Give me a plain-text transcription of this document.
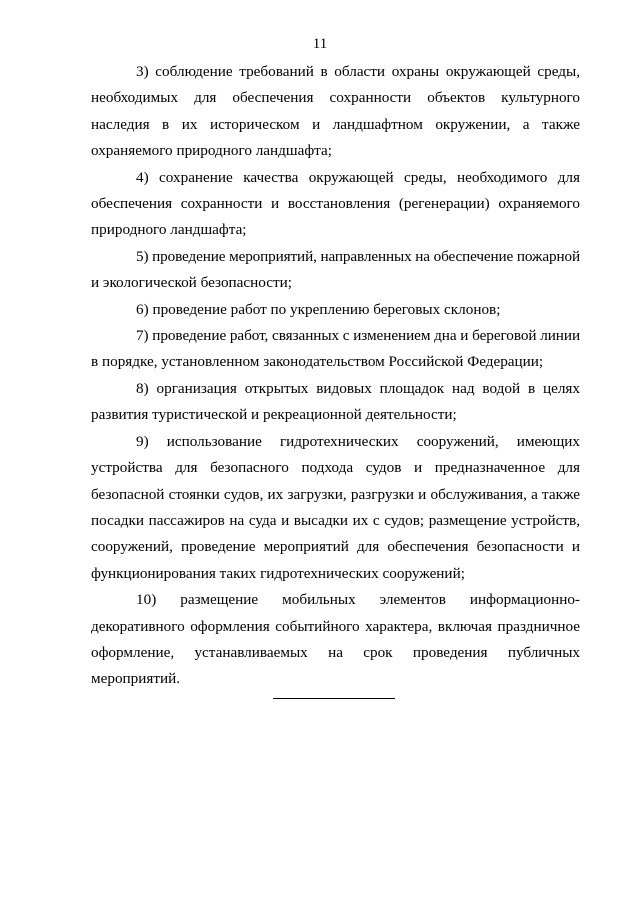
11

3) соблюдение требований в области охраны окружающей среды,
необходимых для обеспечения сохранности объектов культурного
наследия в их историческом и ландшафтном окружении, а также
охраняемого природного ландшафта;

4) сохранение качества окружающей среды, необходимого для
обеспечения сохранности и восстановления (регенерации) охраняемого
природного ландшафта;

5) проведение мероприятий, направленных на обеспечение пожарной
и экологической безопасности;

6) проведение работ по укреплению береговых склонов;

7) проведение работ, связанных с изменением дна и береговой линии
в порядке, установленном законодательством Российской Федерации;

8) организация открытых видовых площадок над водой в целях
развития туристической и рекреационной деятельности;

9) использование гидротехнических сооружений, имеющих
устройства для безопасного подхода судов и предназначенное для
безопасной стоянки судов, их загрузки, разгрузки и обслуживания, а также
посадки пассажиров на суда и высадки их с судов; размещение устройств,
сооружений, проведение мероприятий для обеспечения безопасности и
функционирования таких гидротехнических сооружений;

10) размещение мобильных элементов информационно-
декоративного оформления событийного характера, включая праздничное
оформление, устанавливаемых на срок проведения публичных
мероприятий.
